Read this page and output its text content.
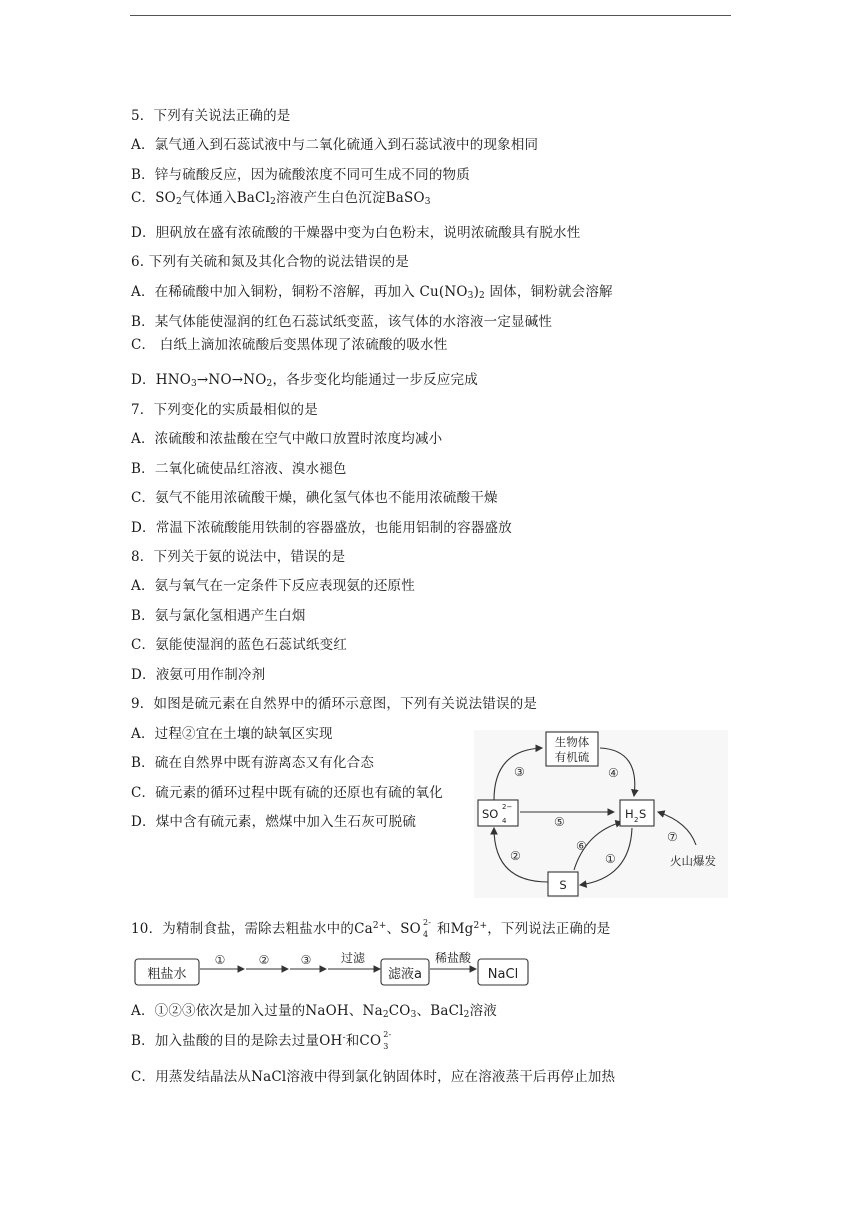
5．下列有关说法正确的是
A．氯气通入到石蕊试液中与二氧化硫通入到石蕊试液中的现象相同
B．锌与硫酸反应，因为硫酸浓度不同可生成不同的物质
C．$SO_2$气体通入BaCl$_2$溶液产生白色沉淀BaSO$_3$
D．胆矾放在盛有浓硫酸的干燥器中变为白色粉末，说明浓硫酸具有脱水性
6. 下列有关硫和氮及其化合物的说法错误的是
A．在稀硫酸中加入铜粉，铜粉不溶解，再加入 $Cu(NO_3)_2$ 固体，铜粉就会溶解
B．某气体能使湿润的红色石蕊试纸变蓝，该气体的水溶液一定显碱性
C． 白纸上滴加浓硫酸后变黑体现了浓硫酸的吸水性
D．$HNO_3\to NO\to NO_2$，各步变化均能通过一步反应完成
7．下列变化的实质最相似的是
A．浓硫酸和浓盐酸在空气中敞口放置时浓度均减小
B．二氧化硫使品红溶液、溴水褪色
C．氨气不能用浓硫酸干燥，碘化氢气体也不能用浓硫酸干燥
D．常温下浓硫酸能用铁制的容器盛放，也能用铝制的容器盛放
8．下列关于氨的说法中，错误的是
A．氨与氧气在一定条件下反应表现氨的还原性
B．氨与氯化氢相遇产生白烟
C．氨能使湿润的蓝色石蕊试纸变红
D．液氨可用作制冷剂
9．如图是硫元素在自然界中的循环示意图，下列有关说法错误的是
A．过程②宜在土壤的缺氧区实现
B．硫在自然界中既有游离态又有化合态
C．硫元素的循环过程中既有硫的还原也有硫的氧化
D．煤中含有硫元素，燃煤中加入生石灰可脱硫
生物体
有机硫
SO 2−
4	H 2 S
S
③	④
⑤
②
⑥
①
⑦
火山爆发
10．为精制食盐，需除去粗盐水中的$Ca^{2+}$、SO 2-
4 和$Mg^{2+}$，下列说法正确的是
粗盐水
①	②	③ 过滤
滤液a
稀盐酸
NaCl
A．①②③依次是加入过量的NaOH、$Na_2CO_3$、BaCl$_2$溶液
B．加入盐酸的目的是除去过量OH-和CO 2-
3
C．用蒸发结晶法从NaCl溶液中得到氯化钠固体时，应在溶液蒸干后再停止加热
